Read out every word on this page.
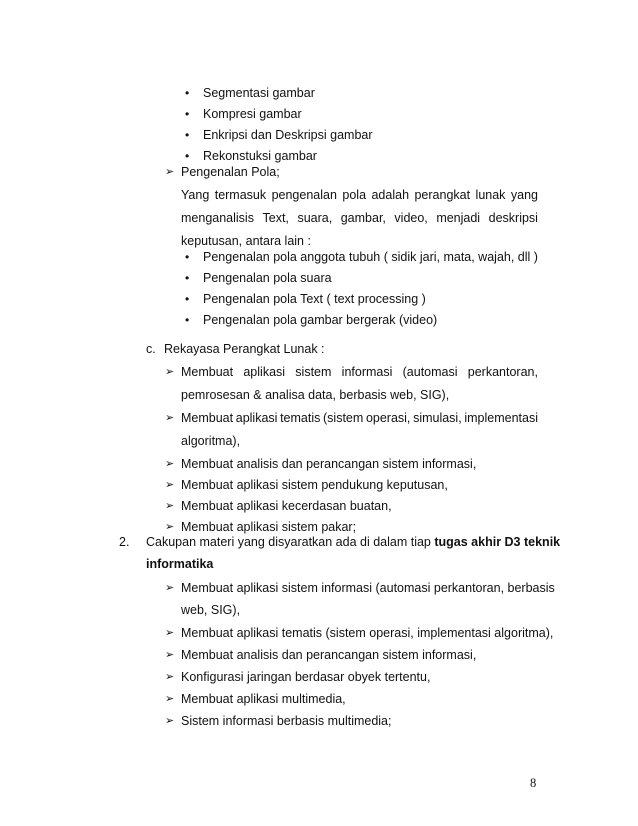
• Segmentasi gambar
• Kompresi gambar
• Enkripsi dan Deskripsi gambar
• Rekonstuksi gambar
➢ Pengenalan Pola;
Yang termasuk pengenalan pola adalah perangkat lunak yang
menganalisis Text, suara, gambar, video, menjadi deskripsi
keputusan, antara lain :
• Pengenalan pola anggota tubuh ( sidik jari, mata, wajah, dll )
• Pengenalan pola suara
• Pengenalan pola Text ( text processing )
• Pengenalan pola gambar bergerak (video)
c. Rekayasa Perangkat Lunak :
➢ Membuat aplikasi sistem informasi (automasi perkantoran,
pemrosesan & analisa data, berbasis web, SIG),
➢ Membuat aplikasi tematis (sistem operasi, simulasi, implementasi
algoritma),
➢ Membuat analisis dan perancangan sistem informasi,
➢ Membuat aplikasi sistem pendukung keputusan,
➢ Membuat aplikasi kecerdasan buatan,
➢ Membuat aplikasi sistem pakar;
2. Cakupan materi yang disyaratkan ada di dalam tiap tugas akhir D3 teknik
informatika
➢ Membuat aplikasi sistem informasi (automasi perkantoran, berbasis
web, SIG),
➢ Membuat aplikasi tematis (sistem operasi, implementasi algoritma),
➢ Membuat analisis dan perancangan sistem informasi,
➢ Konfigurasi jaringan berdasar obyek tertentu,
➢ Membuat aplikasi multimedia,
➢ Sistem informasi berbasis multimedia;
8
